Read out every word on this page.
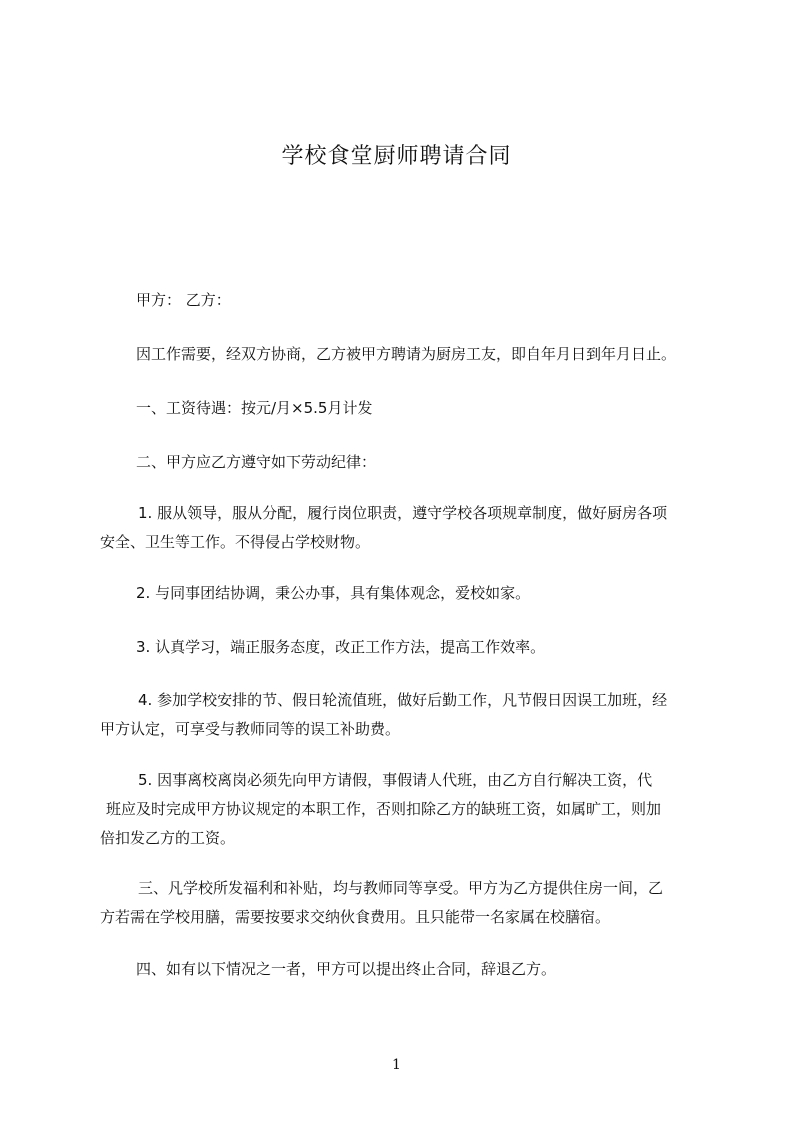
学校食堂厨师聘请合同
甲方： 乙方：
因工作需要，经双方协商，乙方被甲方聘请为厨房工友，即自年月日到年月日止。
一、工资待遇：按元/月×5.5月计发
二、甲方应乙方遵守如下劳动纪律：
1. 服从领导，服从分配，履行岗位职责，遵守学校各项规章制度，做好厨房各项
安全、卫生等工作。不得侵占学校财物。
2. 与同事团结协调，秉公办事，具有集体观念，爱校如家。
3. 认真学习，端正服务态度，改正工作方法，提高工作效率。
4. 参加学校安排的节、假日轮流值班，做好后勤工作，凡节假日因误工加班，经
甲方认定，可享受与教师同等的误工补助费。
5. 因事离校离岗必须先向甲方请假，事假请人代班，由乙方自行解决工资，代
班应及时完成甲方协议规定的本职工作，否则扣除乙方的缺班工资，如属旷工，则加
倍扣发乙方的工资。
三、凡学校所发福利和补贴，均与教师同等享受。甲方为乙方提供住房一间，乙
方若需在学校用膳，需要按要求交纳伙食费用。且只能带一名家属在校膳宿。
四、如有以下情况之一者，甲方可以提出终止合同，辞退乙方。
1
